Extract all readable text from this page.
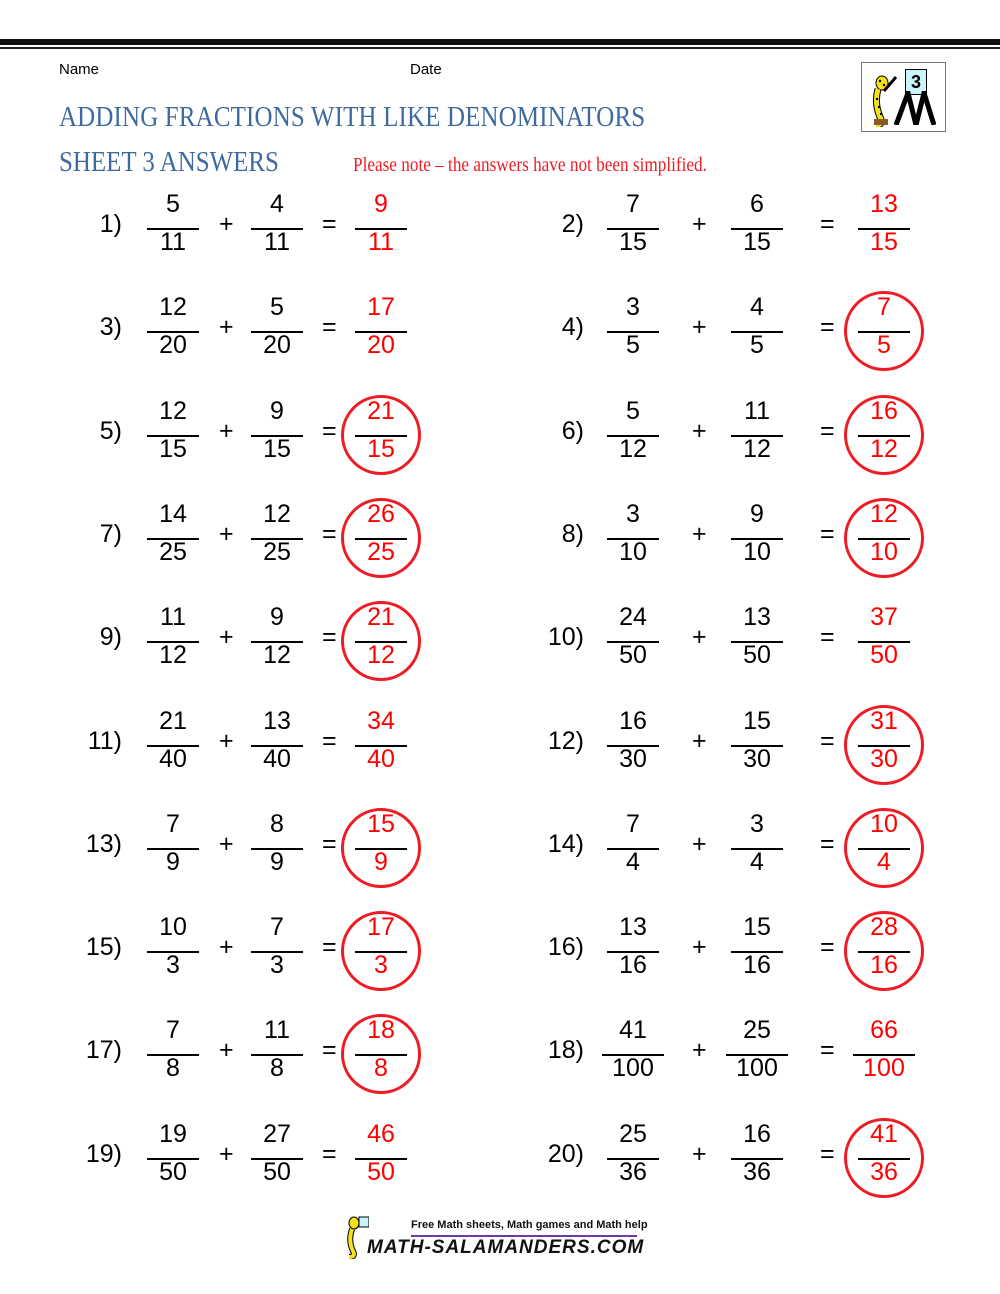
Name	Date
ADDING FRACTIONS WITH LIKE DENOMINATORS
SHEET 3 ANSWERS	Please note – the answers have not been simplified.
3
1)
5
11
+
4
11
=
9
11
2)
7
15
+
6
15
=
13
15
3)
12
20
+
5
20
=
17
20
4)
3
5
+
4
5
=
7
5
5)
12
15
+
9
15
=
21
15
6)
5
12
+
11
12
=
16
12
7)
14
25
+
12
25
=
26
25
8)
3
10
+
9
10
=
12
10
9)
11
12
+
9
12
=
21
12
10)
24
50
+
13
50
=
37
50
11)
21
40
+
13
40
=
34
40
12)
16
30
+
15
30
=
31
30
13)
7
9
+
8
9
=
15
9
14)
7
4
+
3
4
=
10
4
15)
10
3
+
7
3
=
17
3
16)
13
16
+
15
16
=
28
16
17)
7
8
+
11
8
=
18
8
18)
41
100
+
25
100
=
66
100
19)
19
50
+
27
50
=
46
50
20)
25
36
+
16
36
=
41
36
Free Math sheets, Math games and Math help
MATH-SALAMANDERS.COM
